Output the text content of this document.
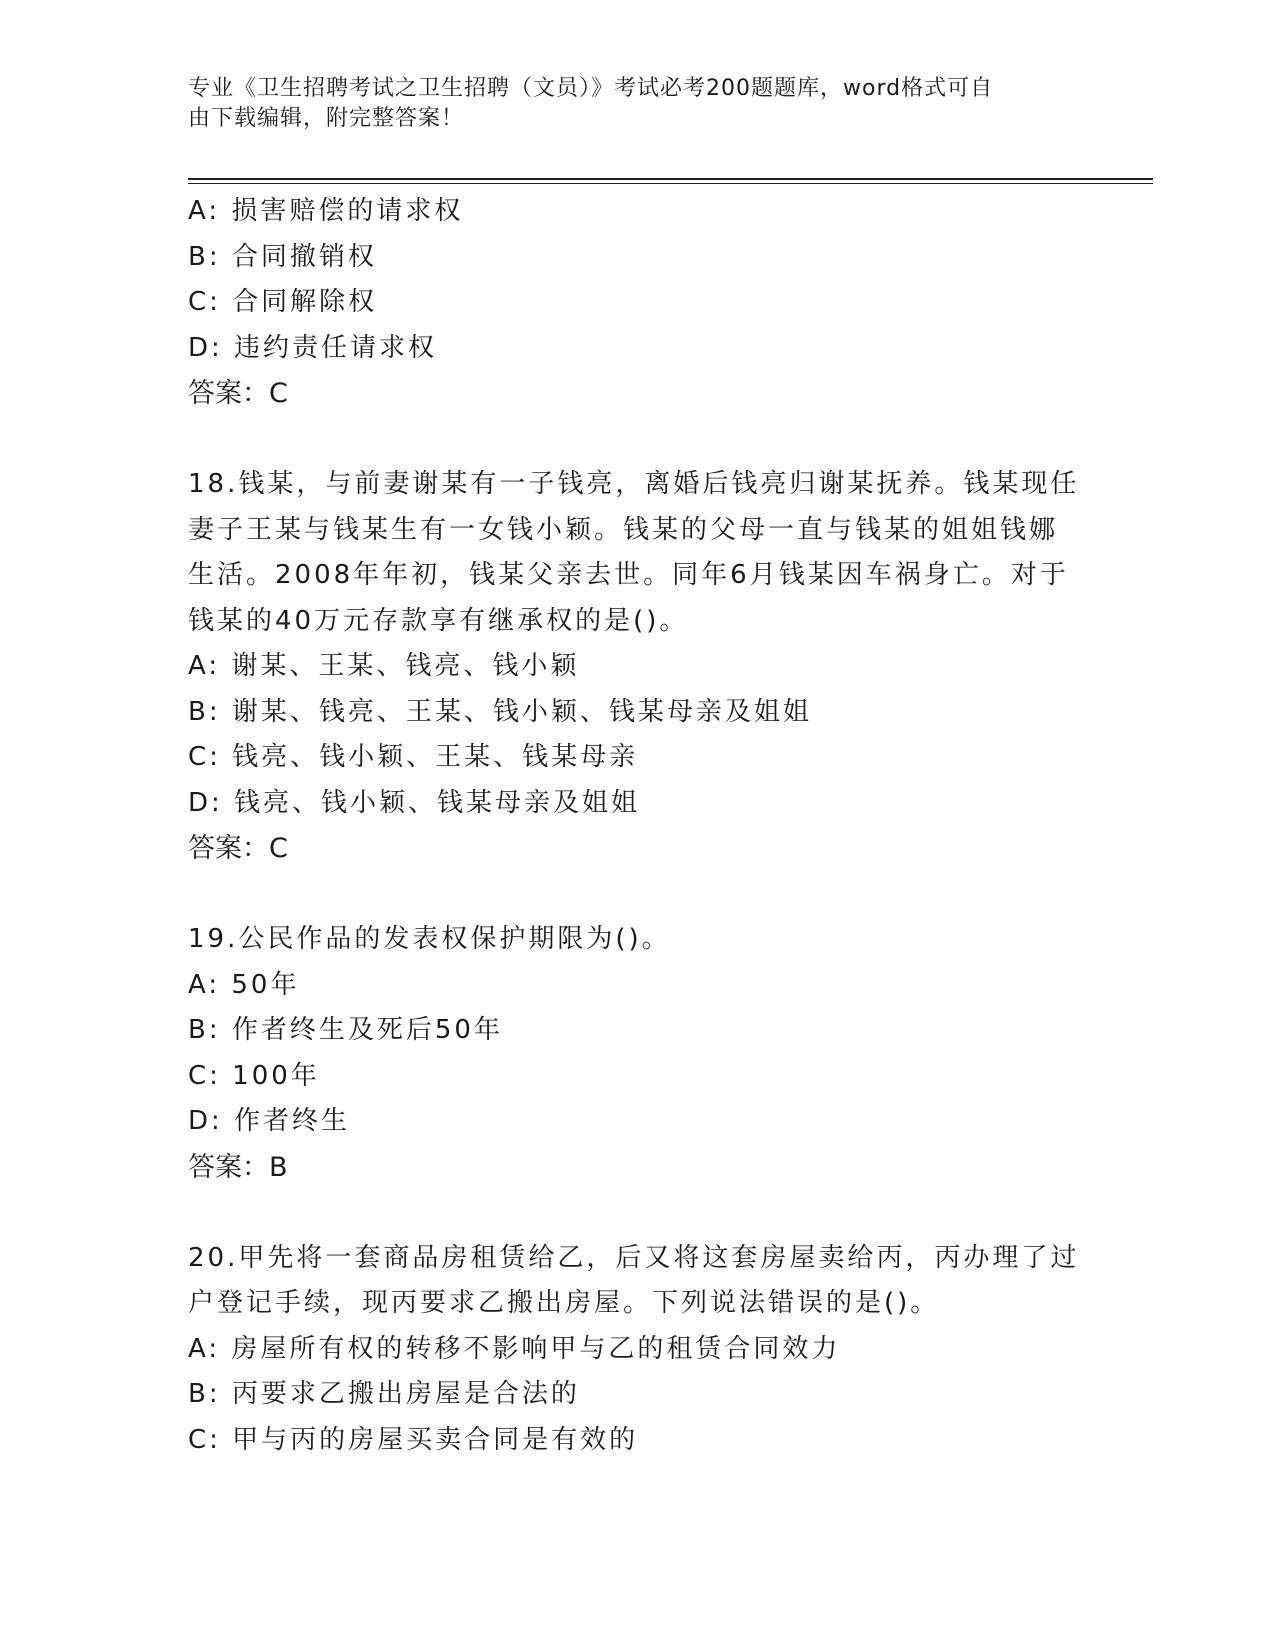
专业《卫生招聘考试之卫生招聘（文员）》考试必考200题题库，word格式可自
由下载编辑，附完整答案！
A: 损害赔偿的请求权
B: 合同撤销权
C: 合同解除权
D: 违约责任请求权
答案：C
18.钱某，与前妻谢某有一子钱亮，离婚后钱亮归谢某抚养。钱某现任
妻子王某与钱某生有一女钱小颖。钱某的父母一直与钱某的姐姐钱娜
生活。2008年年初，钱某父亲去世。同年6月钱某因车祸身亡。对于
钱某的40万元存款享有继承权的是()。
A: 谢某、王某、钱亮、钱小颖
B: 谢某、钱亮、王某、钱小颖、钱某母亲及姐姐
C: 钱亮、钱小颖、王某、钱某母亲
D: 钱亮、钱小颖、钱某母亲及姐姐
答案：C
19.公民作品的发表权保护期限为()。
A: 50年
B: 作者终生及死后50年
C: 100年
D: 作者终生
答案：B
20.甲先将一套商品房租赁给乙，后又将这套房屋卖给丙，丙办理了过
户登记手续，现丙要求乙搬出房屋。下列说法错误的是()。
A: 房屋所有权的转移不影响甲与乙的租赁合同效力
B: 丙要求乙搬出房屋是合法的
C: 甲与丙的房屋买卖合同是有效的
